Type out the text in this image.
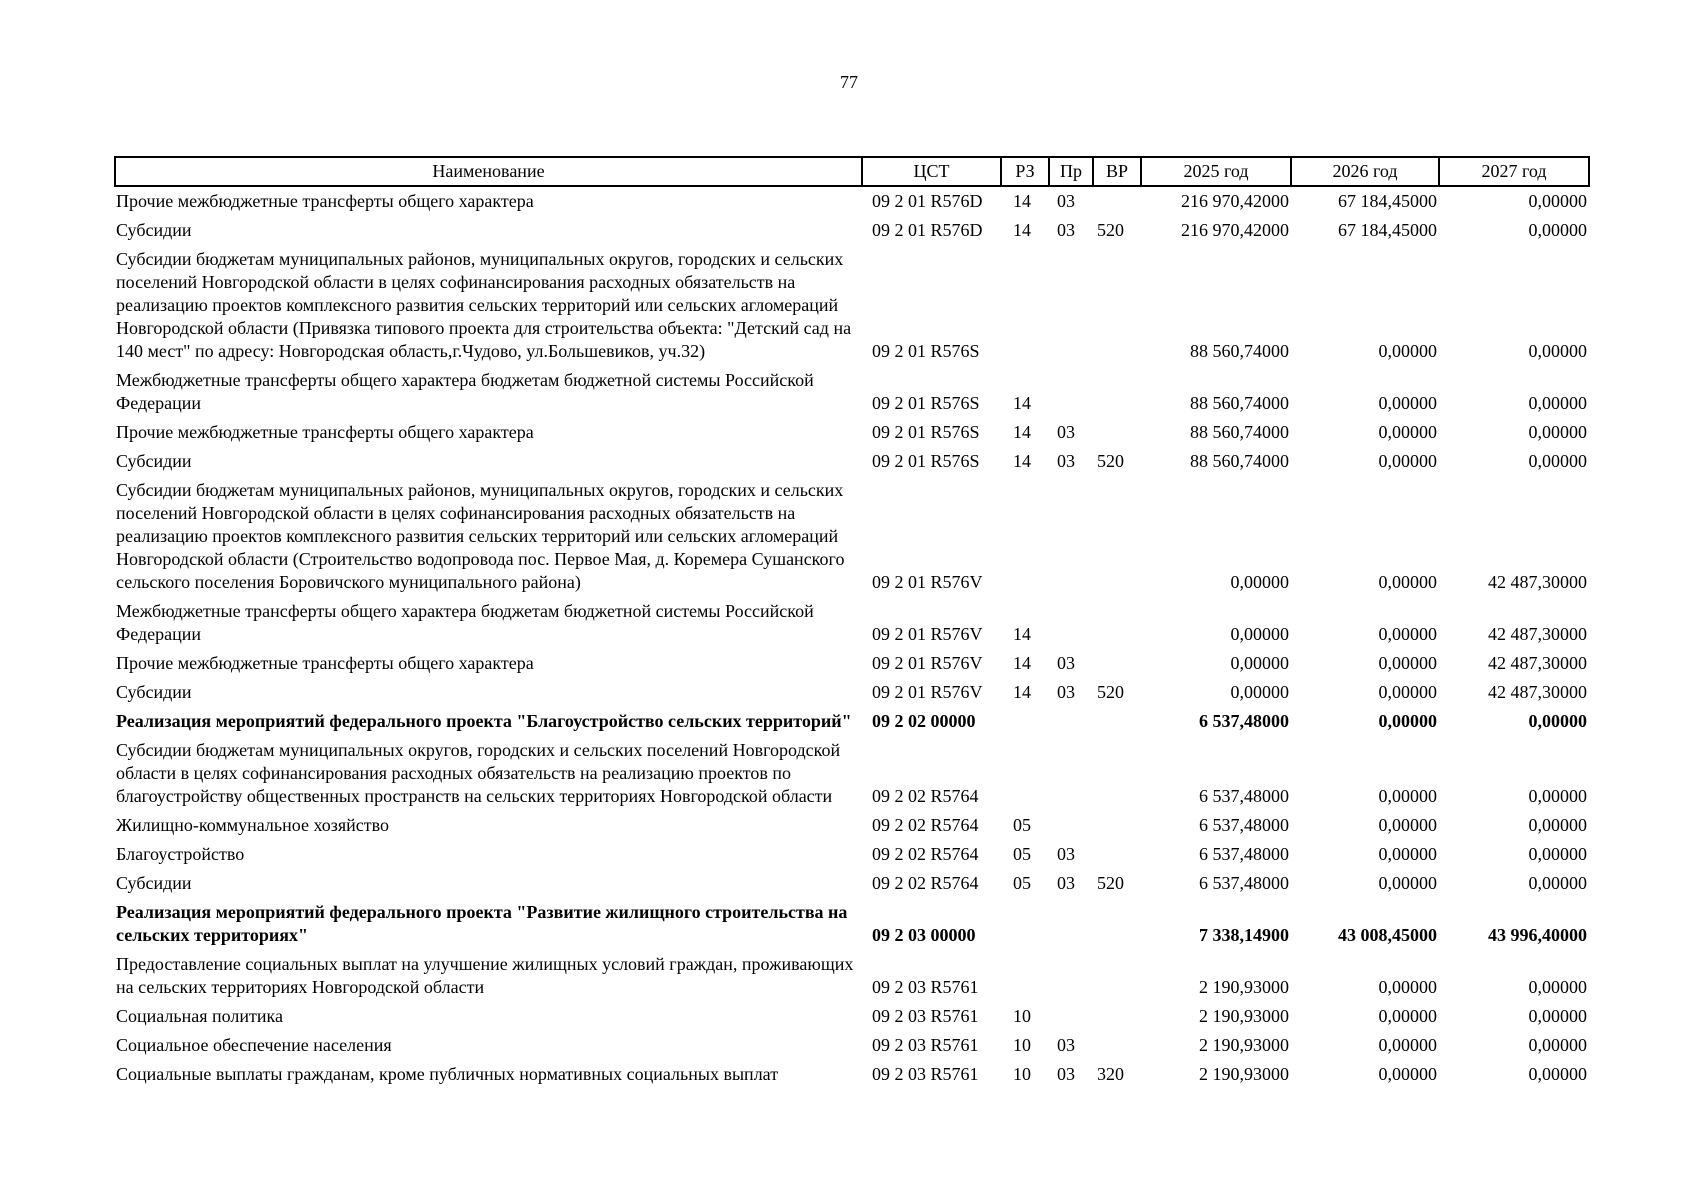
77
Наименование	ЦСТ	РЗ	Пр	ВР	2025 год	2026 год	2027 год
Прочие межбюджетные трансферты общего характера	09 2 01 R576D	14	03		216 970,42000	67 184,45000	0,00000
Субсидии	09 2 01 R576D	14	03	520	216 970,42000	67 184,45000	0,00000
Субсидии бюджетам муниципальных районов, муниципальных округов, городских и сельских поселений Новгородской области в целях софинансирования расходных обязательств на реализацию проектов комплексного развития сельских территорий или сельских агломераций Новгородской области (Привязка типового проекта для строительства объекта: "Детский сад на 140 мест" по адресу: Новгородская область,г.Чудово, ул.Большевиков, уч.32)	09 2 01 R576S				88 560,74000	0,00000	0,00000
Межбюджетные трансферты общего характера бюджетам бюджетной системы Российской Федерации	09 2 01 R576S	14			88 560,74000	0,00000	0,00000
Прочие межбюджетные трансферты общего характера	09 2 01 R576S	14	03		88 560,74000	0,00000	0,00000
Субсидии	09 2 01 R576S	14	03	520	88 560,74000	0,00000	0,00000
Субсидии бюджетам муниципальных районов, муниципальных округов, городских и сельских поселений Новгородской области в целях софинансирования расходных обязательств на реализацию проектов комплексного развития сельских территорий или сельских агломераций Новгородской области (Строительство водопровода пос. Первое Мая, д. Коремера Сушанского сельского поселения Боровичского муниципального района)	09 2 01 R576V				0,00000	0,00000	42 487,30000
Межбюджетные трансферты общего характера бюджетам бюджетной системы Российской Федерации	09 2 01 R576V	14			0,00000	0,00000	42 487,30000
Прочие межбюджетные трансферты общего характера	09 2 01 R576V	14	03		0,00000	0,00000	42 487,30000
Субсидии	09 2 01 R576V	14	03	520	0,00000	0,00000	42 487,30000
Реализация мероприятий федерального проекта "Благоустройство сельских территорий"	09 2 02 00000				6 537,48000	0,00000	0,00000
Субсидии бюджетам муниципальных округов, городских и сельских поселений Новгородской области в целях софинансирования расходных обязательств на реализацию проектов по благоустройству общественных пространств на сельских территориях Новгородской области	09 2 02 R5764				6 537,48000	0,00000	0,00000
Жилищно-коммунальное хозяйство	09 2 02 R5764	05			6 537,48000	0,00000	0,00000
Благоустройство	09 2 02 R5764	05	03		6 537,48000	0,00000	0,00000
Субсидии	09 2 02 R5764	05	03	520	6 537,48000	0,00000	0,00000
Реализация мероприятий федерального проекта "Развитие жилищного строительства на сельских территориях"	09 2 03 00000				7 338,14900	43 008,45000	43 996,40000
Предоставление социальных выплат на улучшение жилищных условий граждан, проживающих на сельских территориях Новгородской области	09 2 03 R5761				2 190,93000	0,00000	0,00000
Социальная политика	09 2 03 R5761	10			2 190,93000	0,00000	0,00000
Социальное обеспечение населения	09 2 03 R5761	10	03		2 190,93000	0,00000	0,00000
Социальные выплаты гражданам, кроме публичных нормативных социальных выплат	09 2 03 R5761	10	03	320	2 190,93000	0,00000	0,00000
